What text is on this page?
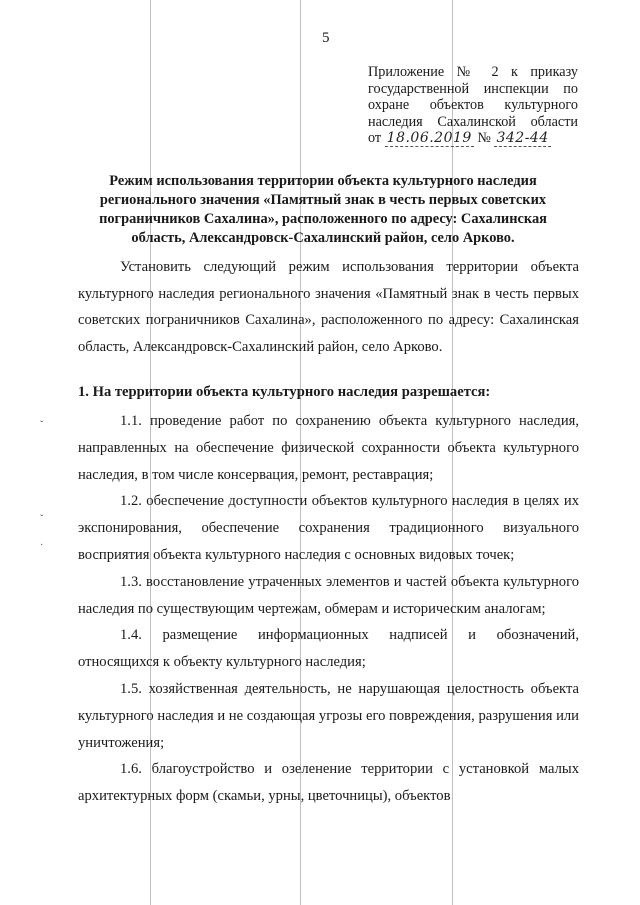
ˇ
ˇ
·
5
Приложение № 2 к приказу
государственной инспекции по
охране объектов культурного
наследия Сахалинской области
от 18.06.2019 № 342-44
Режим использования территории объекта культурного наследия регионального значения «Памятный знак в честь первых советских пограничников Сахалина», расположенного по адресу: Сахалинская область, Александровск-Сахалинский район, село Арково.

Установить следующий режим использования территории объекта культурного наследия регионального значения «Памятный знак в честь первых советских пограничников Сахалина», расположенного по адресу: Сахалинская область, Александровск-Сахалинский район, село Арково.

1. На территории объекта культурного наследия разрешается:

1.1. проведение работ по сохранению объекта культурного наследия, направленных на обеспечение физической сохранности объекта культурного наследия, в том числе консервация, ремонт, реставрация;

1.2. обеспечение доступности объектов культурного наследия в целях их экспонирования, обеспечение сохранения традиционного визуального восприятия объекта культурного наследия с основных видовых точек;

1.3. восстановление утраченных элементов и частей объекта культурного наследия по существующим чертежам, обмерам и историческим аналогам;

1.4. размещение информационных надписей и обозначений, относящихся к объекту культурного наследия;

1.5. хозяйственная деятельность, не нарушающая целостность объекта культурного наследия и не создающая угрозы его повреждения, разрушения или уничтожения;

1.6. благоустройство и озеленение территории с установкой малых архитектурных форм (скамьи, урны, цветочницы), объектов
